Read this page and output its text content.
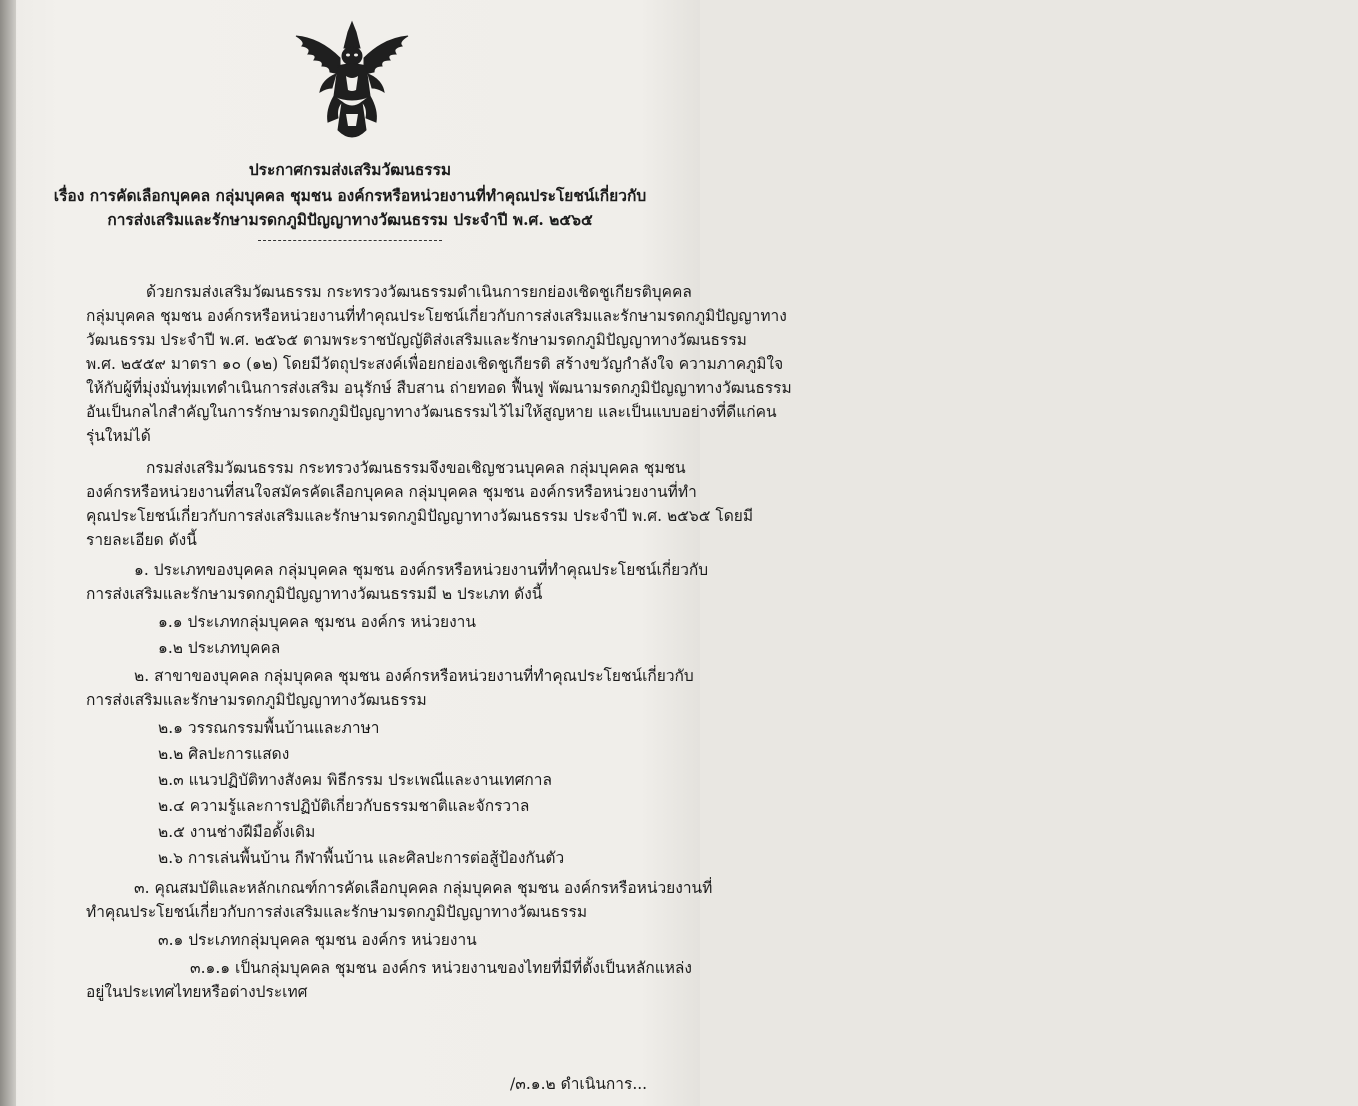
ประกาศกรมส่งเสริมวัฒนธรรม
เรื่อง การคัดเลือกบุคคล กลุ่มบุคคล ชุมชน องค์กรหรือหน่วยงานที่ทำคุณประโยชน์เกี่ยวกับ
การส่งเสริมและรักษามรดกภูมิปัญญาทางวัฒนธรรม ประจำปี พ.ศ. ๒๕๖๕
ด้วยกรมส่งเสริมวัฒนธรรม กระทรวงวัฒนธรรมดำเนินการยกย่องเชิดชูเกียรติบุคคล
กลุ่มบุคคล ชุมชน องค์กรหรือหน่วยงานที่ทำคุณประโยชน์เกี่ยวกับการส่งเสริมและรักษามรดกภูมิปัญญาทาง
วัฒนธรรม ประจำปี พ.ศ. ๒๕๖๕ ตามพระราชบัญญัติส่งเสริมและรักษามรดกภูมิปัญญาทางวัฒนธรรม
พ.ศ. ๒๕๕๙ มาตรา ๑๐ (๑๒) โดยมีวัตถุประสงค์เพื่อยกย่องเชิดชูเกียรติ สร้างขวัญกำลังใจ ความภาคภูมิใจ
ให้กับผู้ที่มุ่งมั่นทุ่มเทดำเนินการส่งเสริม อนุรักษ์ สืบสาน ถ่ายทอด ฟื้นฟู พัฒนามรดกภูมิปัญญาทางวัฒนธรรม
อันเป็นกลไกสำคัญในการรักษามรดกภูมิปัญญาทางวัฒนธรรมไว้ไม่ให้สูญหาย และเป็นแบบอย่างที่ดีแก่คน
รุ่นใหม่ได้
กรมส่งเสริมวัฒนธรรม กระทรวงวัฒนธรรมจึงขอเชิญชวนบุคคล กลุ่มบุคคล ชุมชน
องค์กรหรือหน่วยงานที่สนใจสมัครคัดเลือกบุคคล กลุ่มบุคคล ชุมชน องค์กรหรือหน่วยงานที่ทำ
คุณประโยชน์เกี่ยวกับการส่งเสริมและรักษามรดกภูมิปัญญาทางวัฒนธรรม ประจำปี พ.ศ. ๒๕๖๕ โดยมี
รายละเอียด ดังนี้
๑. ประเภทของบุคคล กลุ่มบุคคล ชุมชน องค์กรหรือหน่วยงานที่ทำคุณประโยชน์เกี่ยวกับ
การส่งเสริมและรักษามรดกภูมิปัญญาทางวัฒนธรรมมี ๒ ประเภท ดังนี้
๑.๑ ประเภทกลุ่มบุคคล ชุมชน องค์กร หน่วยงาน
๑.๒ ประเภทบุคคล
๒. สาขาของบุคคล กลุ่มบุคคล ชุมชน องค์กรหรือหน่วยงานที่ทำคุณประโยชน์เกี่ยวกับ
การส่งเสริมและรักษามรดกภูมิปัญญาทางวัฒนธรรม
๒.๑ วรรณกรรมพื้นบ้านและภาษา
๒.๒ ศิลปะการแสดง
๒.๓ แนวปฏิบัติทางสังคม พิธีกรรม ประเพณีและงานเทศกาล
๒.๔ ความรู้และการปฏิบัติเกี่ยวกับธรรมชาติและจักรวาล
๒.๕ งานช่างฝีมือดั้งเดิม
๒.๖ การเล่นพื้นบ้าน กีฬาพื้นบ้าน และศิลปะการต่อสู้ป้องกันตัว
๓. คุณสมบัติและหลักเกณฑ์การคัดเลือกบุคคล กลุ่มบุคคล ชุมชน องค์กรหรือหน่วยงานที่
ทำคุณประโยชน์เกี่ยวกับการส่งเสริมและรักษามรดกภูมิปัญญาทางวัฒนธรรม
๓.๑ ประเภทกลุ่มบุคคล ชุมชน องค์กร หน่วยงาน
๓.๑.๑ เป็นกลุ่มบุคคล ชุมชน องค์กร หน่วยงานของไทยที่มีที่ตั้งเป็นหลักแหล่ง
อยู่ในประเทศไทยหรือต่างประเทศ
/๓.๑.๒ ดำเนินการ...
